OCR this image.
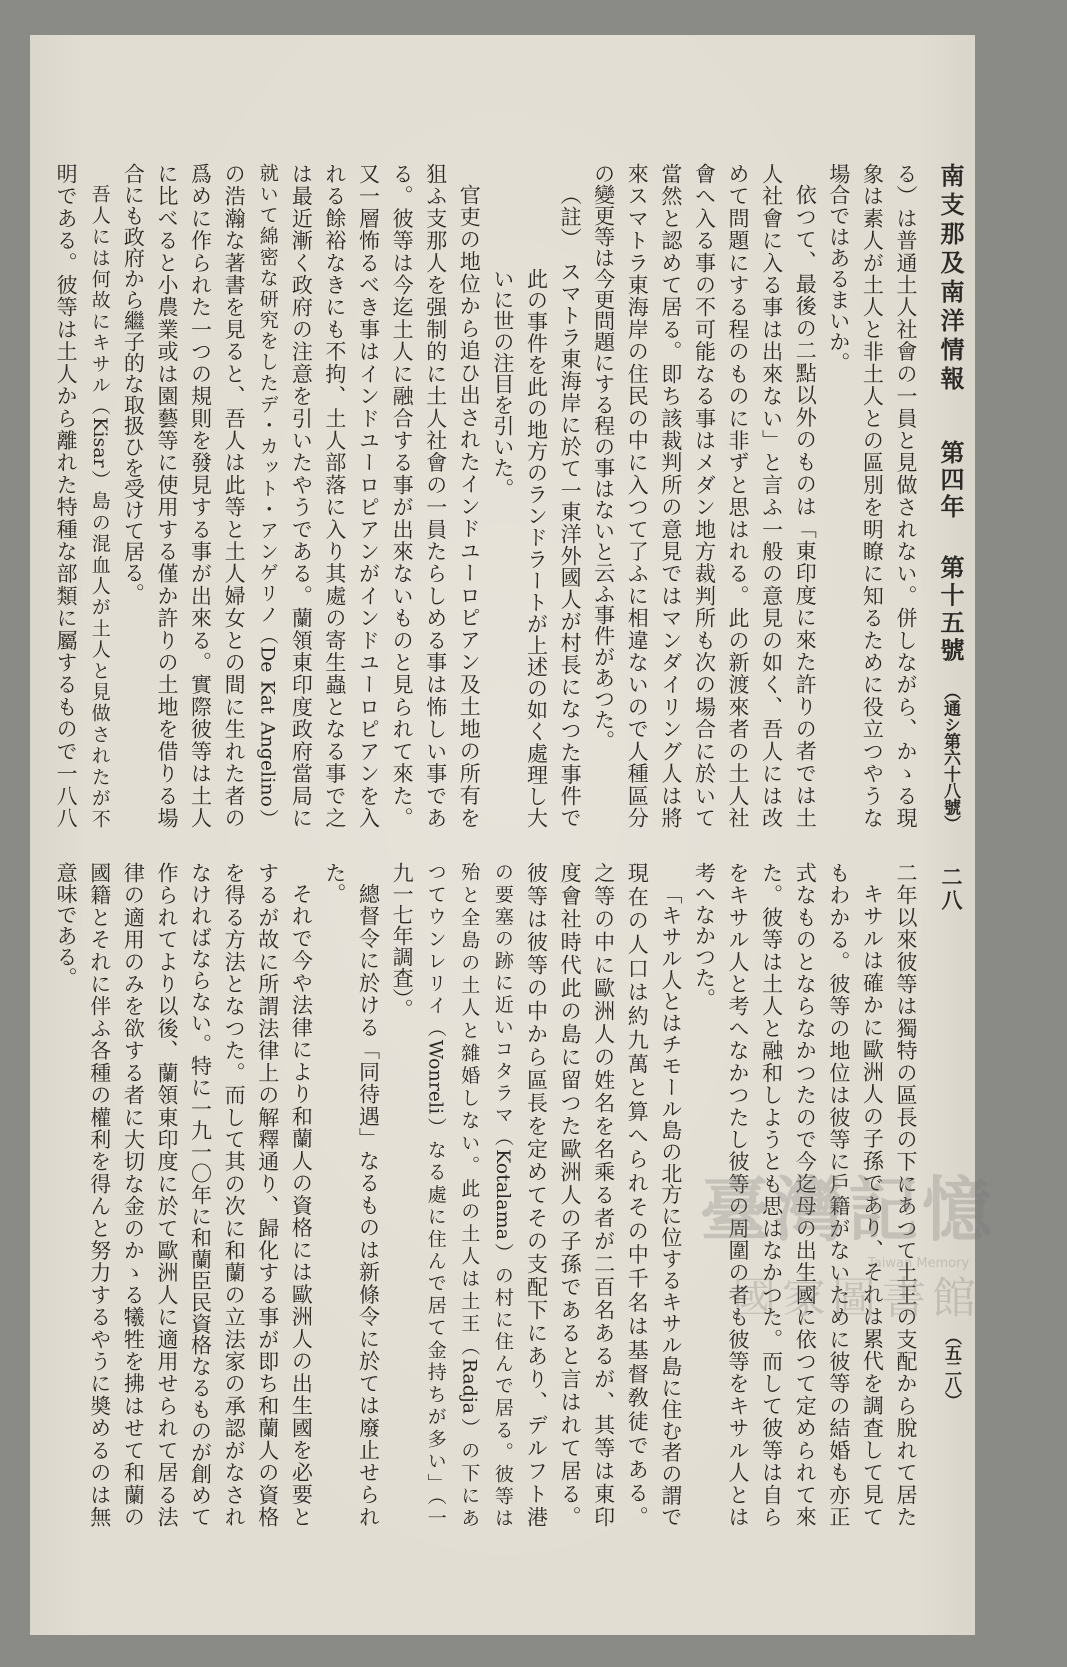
南支那及南洋情報
第四年
第十五號
（通シ第六十八號）
二八
（五二八）
る）は普通土人社會の一員と見做されない。併しながら、かゝる現
象は素人が土人と非土人との區別を明瞭に知るために役立つやうな
場合ではあるまいか。
依つて、最後の二點以外のものは「東印度に來た許りの者では土
人社會に入る事は出來ない」と言ふ一般の意見の如く、吾人には改
めて問題にする程のものに非ずと思はれる。此の新渡來者の土人社
會へ入る事の不可能なる事はメダン地方裁判所も次の場合に於いて
當然と認めて居る。即ち該裁判所の意見ではマンダイリング人は將
來スマトラ東海岸の住民の中に入つて了ふに相違ないので人種區分
の變更等は今更問題にする程の事はないと云ふ事件があつた。
（註）　スマトラ東海岸に於て一東洋外國人が村長になつた事件で
此の事件を此の地方のランドラートが上述の如く處理し大
いに世の注目を引いた。
官吏の地位から追ひ出されたインドユーロピアン及土地の所有を
狙ふ支那人を强制的に土人社會の一員たらしめる事は怖しい事であ
る。彼等は今迄土人に融合する事が出來ないものと見られて來た。
又一層怖るべき事はインドユーロピアンがインドユーロピアンを入
れる餘裕なきにも不拘、土人部落に入り其處の寄生蟲となる事で之
は最近漸く政府の注意を引いたやうである。蘭領東印度政府當局に
就いて綿密な研究をしたデ・カット・アンゲリノ（De Kat Angelino）
の浩瀚な著書を見ると、吾人は此等と土人婦女との間に生れた者の
爲めに作られた一つの規則を發見する事が出來る。實際彼等は土人
に比べると小農業或は園藝等に使用する僅か許りの土地を借りる場
合にも政府から繼子的な取扱ひを受けて居る。
吾人には何故にキサル（Kisar）島の混血人が土人と見做されたが不
明である。彼等は土人から離れた特種な部類に屬するもので一八八
二年以來彼等は獨特の區長の下にあつて土王の支配から脫れて居た
キサルは確かに歐洲人の子孫であり、それは累代を調査して見て
もわかる。彼等の地位は彼等に戶籍がないために彼等の結婚も亦正
式なものとならなかつたので今迄母の出生國に依つて定められて來
た。彼等は土人と融和しようとも思はなかつた。而して彼等は自ら
をキサル人と考へなかつたし彼等の周圍の者も彼等をキサル人とは
考へなかつた。
「キサル人とはチモール島の北方に位するキサル島に住む者の謂で
現在の人口は約九萬と算へられその中千名は基督敎徒である。
之等の中に歐洲人の姓名を名乘る者が二百名あるが、其等は東印
度會社時代此の島に留つた歐洲人の子孫であると言はれて居る。
彼等は彼等の中から區長を定めてその支配下にあり、デルフト港
の要塞の跡に近いコタラマ（Kotalama）の村に住んで居る。彼等は
殆と全島の土人と雜婚しない。此の土人は土王（Radja）の下にあ
つてウンレリイ（Wonreli）なる處に住んで居て金持ちが多い」（一
九一七年調査）。
總督令に於ける「同待遇」なるものは新條令に於ては廢止せられ
た。
それで今や法律により和蘭人の資格には歐洲人の出生國を必要と
するが故に所謂法律上の解釋通り、歸化する事が即ち和蘭人の資格
を得る方法となつた。而して其の次に和蘭の立法家の承認がなされ
なければならない。特に一九一〇年に和蘭臣民資格なるものが創めて
作られてより以後、蘭領東印度に於て歐洲人に適用せられて居る法
律の適用のみを欲する者に大切な金のかゝる犧牲を拂はせて和蘭の
國籍とそれに伴ふ各種の權利を得んと努力するやうに奬めるのは無
意味である。
臺灣記憶
Taiwan Memory
國家圖書館
